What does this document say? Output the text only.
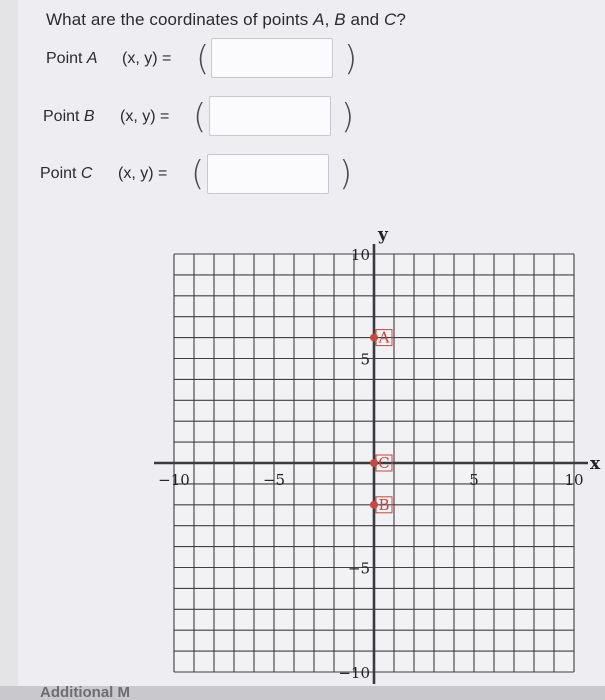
What are the coordinates of points A, B and C?
Point A (x, y) = (	)
Point B (x, y) = (	)
Point C (x, y) = (	)
x
y
−10	−5	5	10
10
5
−5
−10
A
C
B
Additional M
